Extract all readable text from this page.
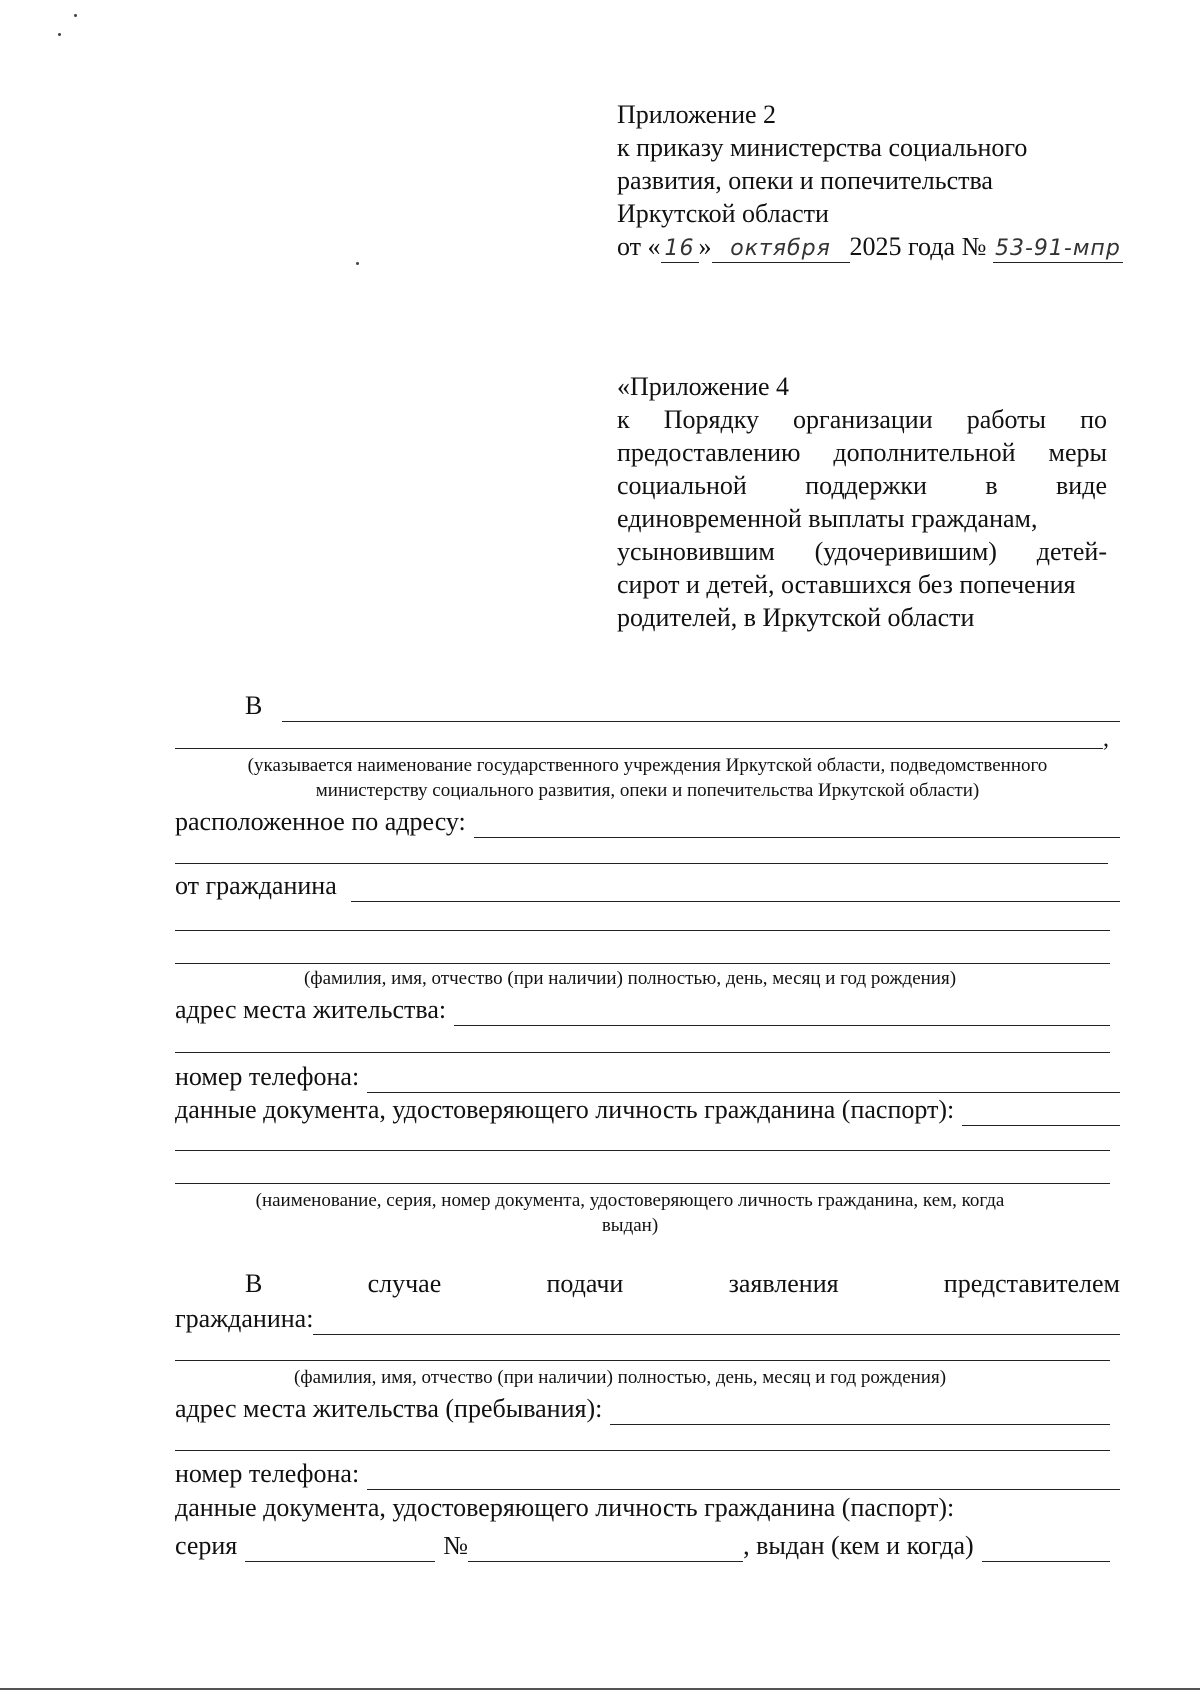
Приложение 2
к приказу министерства социального
развития, опеки и попечительства
Иркутской области
от « 16 » октября 2025 года № 53-91-мпр
«Приложение 4
к Порядку организации работы по
предоставлению дополнительной меры
социальной поддержки в виде
единовременной выплаты гражданам,
усыновившим (удочеривишим) детей-
сирот и детей, оставшихся без попечения
родителей, в Иркутской области
В
,
(указывается наименование государственного учреждения Иркутской области, подведомственного
министерству социального развития, опеки и попечительства Иркутской области)
расположенное по адресу:
от гражданина
(фамилия, имя, отчество (при наличии) полностью, день, месяц и год рождения)
адрес места жительства:
номер телефона:
данные документа, удостоверяющего личность гражданина (паспорт):
(наименование, серия, номер документа, удостоверяющего личность гражданина, кем, когда
выдан)
В	случае	подачи	заявления	представителем
гражданина:
(фамилия, имя, отчество (при наличии) полностью, день, месяц и год рождения)
адрес места жительства (пребывания):
номер телефона:
данные документа, удостоверяющего личность гражданина (паспорт):
серия	№	, выдан (кем и когда)
